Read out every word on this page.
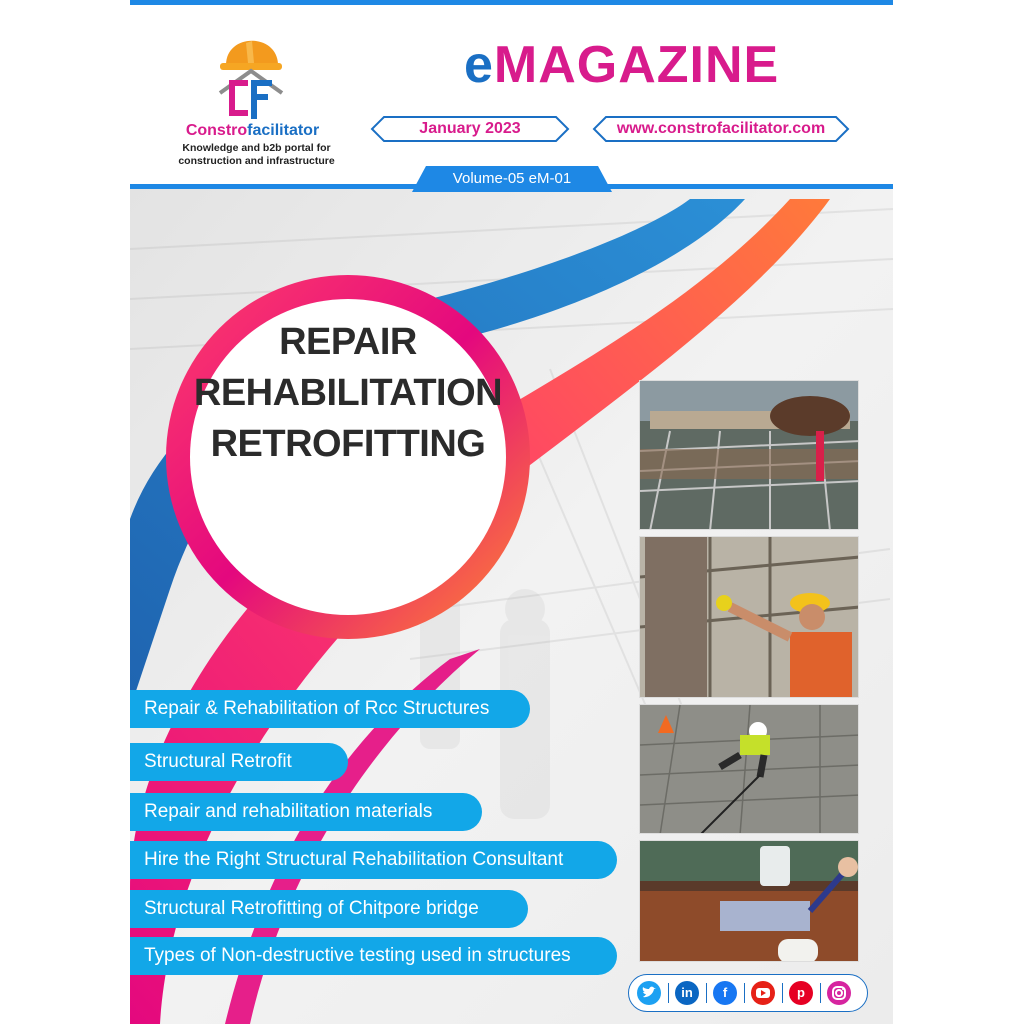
Constrofacilitator
Knowledge and b2b portal for
construction and infrastructure
eMAGAZINE
January 2023	www.constrofacilitator.com
Volume-05 eM-01
REPAIR
REHABILITATION
RETROFITTING
Repair & Rehabilitation of Rcc Structures
Structural Retrofit
Repair and rehabilitation materials
Hire the Right Structural Rehabilitation Consultant
Structural Retrofitting of Chitpore bridge
Types of Non-destructive testing used in structures
in	f	p
